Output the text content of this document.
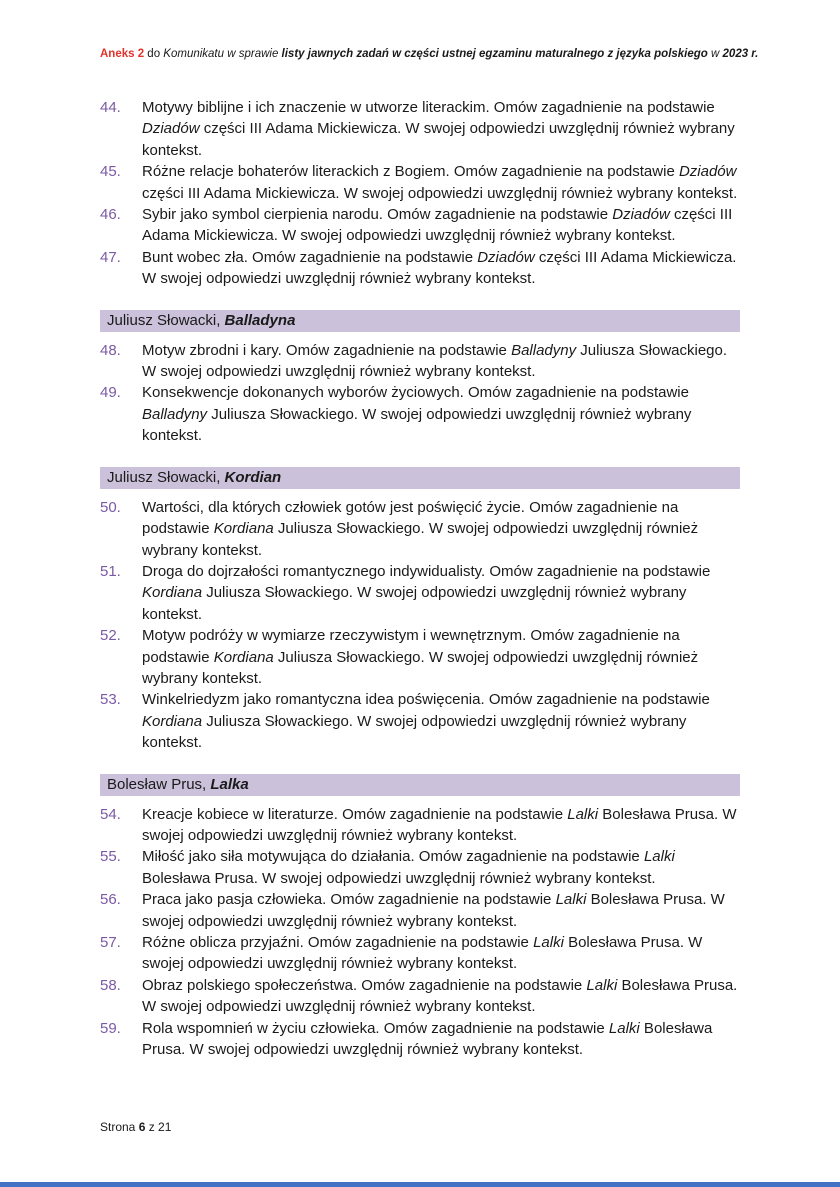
Aneks 2 do Komunikatu w sprawie listy jawnych zadań w części ustnej egzaminu maturalnego z języka polskiego w 2023 r.
44.	Motywy biblijne i ich znaczenie w utworze literackim. Omów zagadnienie na podstawie Dziadów części III Adama Mickiewicza. W swojej odpowiedzi uwzględnij również wybrany kontekst.
45.	Różne relacje bohaterów literackich z Bogiem. Omów zagadnienie na podstawie Dziadów części III Adama Mickiewicza. W swojej odpowiedzi uwzględnij również wybrany kontekst.
46.	Sybir jako symbol cierpienia narodu. Omów zagadnienie na podstawie Dziadów części III Adama Mickiewicza. W swojej odpowiedzi uwzględnij również wybrany kontekst.
47.	Bunt wobec zła. Omów zagadnienie na podstawie Dziadów części III Adama Mickiewicza. W swojej odpowiedzi uwzględnij również wybrany kontekst.
Juliusz Słowacki, Balladyna
48.	Motyw zbrodni i kary. Omów zagadnienie na podstawie Balladyny Juliusza Słowackiego. W swojej odpowiedzi uwzględnij również wybrany kontekst.
49.	Konsekwencje dokonanych wyborów życiowych. Omów zagadnienie na podstawie Balladyny Juliusza Słowackiego. W swojej odpowiedzi uwzględnij również wybrany kontekst.
Juliusz Słowacki, Kordian
50.	Wartości, dla których człowiek gotów jest poświęcić życie. Omów zagadnienie na podstawie Kordiana Juliusza Słowackiego. W swojej odpowiedzi uwzględnij również wybrany kontekst.
51.	Droga do dojrzałości romantycznego indywidualisty. Omów zagadnienie na podstawie Kordiana Juliusza Słowackiego. W swojej odpowiedzi uwzględnij również wybrany kontekst.
52.	Motyw podróży w wymiarze rzeczywistym i wewnętrznym. Omów zagadnienie na podstawie Kordiana Juliusza Słowackiego. W swojej odpowiedzi uwzględnij również wybrany kontekst.
53.	Winkelriedyzm jako romantyczna idea poświęcenia. Omów zagadnienie na podstawie Kordiana Juliusza Słowackiego. W swojej odpowiedzi uwzględnij również wybrany kontekst.
Bolesław Prus, Lalka
54.	Kreacje kobiece w literaturze. Omów zagadnienie na podstawie Lalki Bolesława Prusa. W swojej odpowiedzi uwzględnij również wybrany kontekst.
55.	Miłość jako siła motywująca do działania. Omów zagadnienie na podstawie Lalki Bolesława Prusa. W swojej odpowiedzi uwzględnij również wybrany kontekst.
56.	Praca jako pasja człowieka. Omów zagadnienie na podstawie Lalki Bolesława Prusa. W swojej odpowiedzi uwzględnij również wybrany kontekst.
57.	Różne oblicza przyjaźni. Omów zagadnienie na podstawie Lalki Bolesława Prusa. W swojej odpowiedzi uwzględnij również wybrany kontekst.
58.	Obraz polskiego społeczeństwa. Omów zagadnienie na podstawie Lalki Bolesława Prusa. W swojej odpowiedzi uwzględnij również wybrany kontekst.
59.	Rola wspomnień w życiu człowieka. Omów zagadnienie na podstawie Lalki Bolesława Prusa. W swojej odpowiedzi uwzględnij również wybrany kontekst.
Strona 6 z 21
